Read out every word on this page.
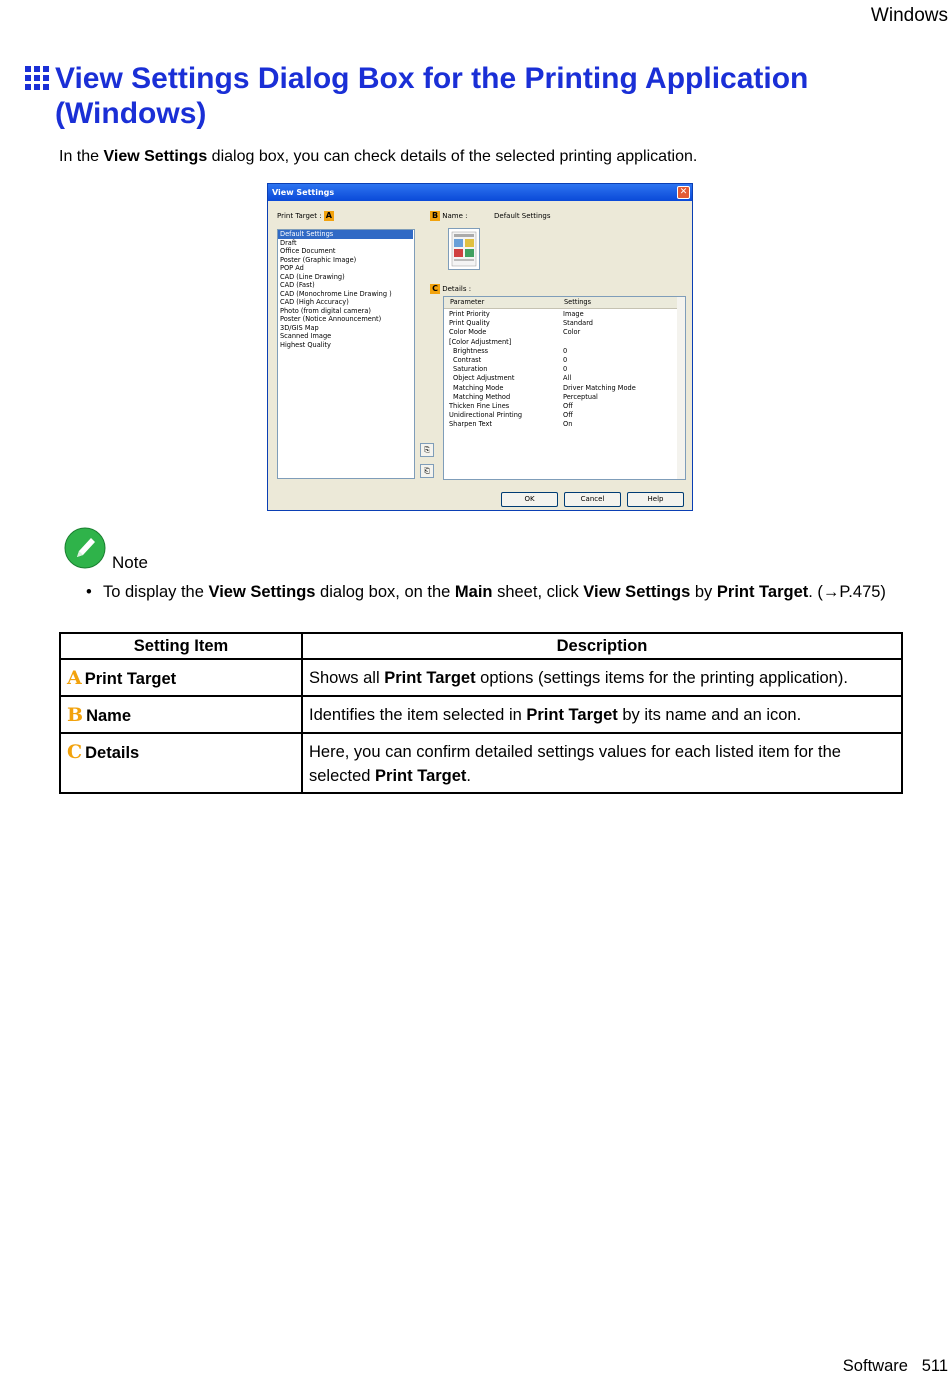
Windows
View Settings Dialog Box for the Printing Application (Windows)
In the View Settings dialog box, you can check details of the selected printing application.
View Settings	✕
Print Target : A
Default Settings
Draft
Office Document
Poster (Graphic Image)
POP Ad
CAD (Line Drawing)
CAD (Fast)
CAD (Monochrome Line Drawing )
CAD (High Accuracy)
Photo (from digital camera)
Poster (Notice Announcement)
3D/GIS Map
Scanned Image
Highest Quality
B Name :	Default Settings
C Details :
⎘
⎗
Parameter	Settings
Print Priority	Image
Print Quality	Standard
Color Mode	Color
[Color Adjustment]
Brightness	0
Contrast	0
Saturation	0
Object Adjustment	All
Matching Mode	Driver Matching Mode
Matching Method	Perceptual
Thicken Fine Lines	Off
Unidirectional Printing	Off
Sharpen Text	On
OK	Cancel	Help
Note
• To display the View Settings dialog box, on the Main sheet, click View Settings by Print Target. (→P.475)
Setting Item	Description
A Print Target	Shows all Print Target options (settings items for the printing application).
B Name	Identifies the item selected in Print Target by its name and an icon.
C Details	Here, you can confirm detailed settings values for each listed item for the selected Print Target.
Software 511
